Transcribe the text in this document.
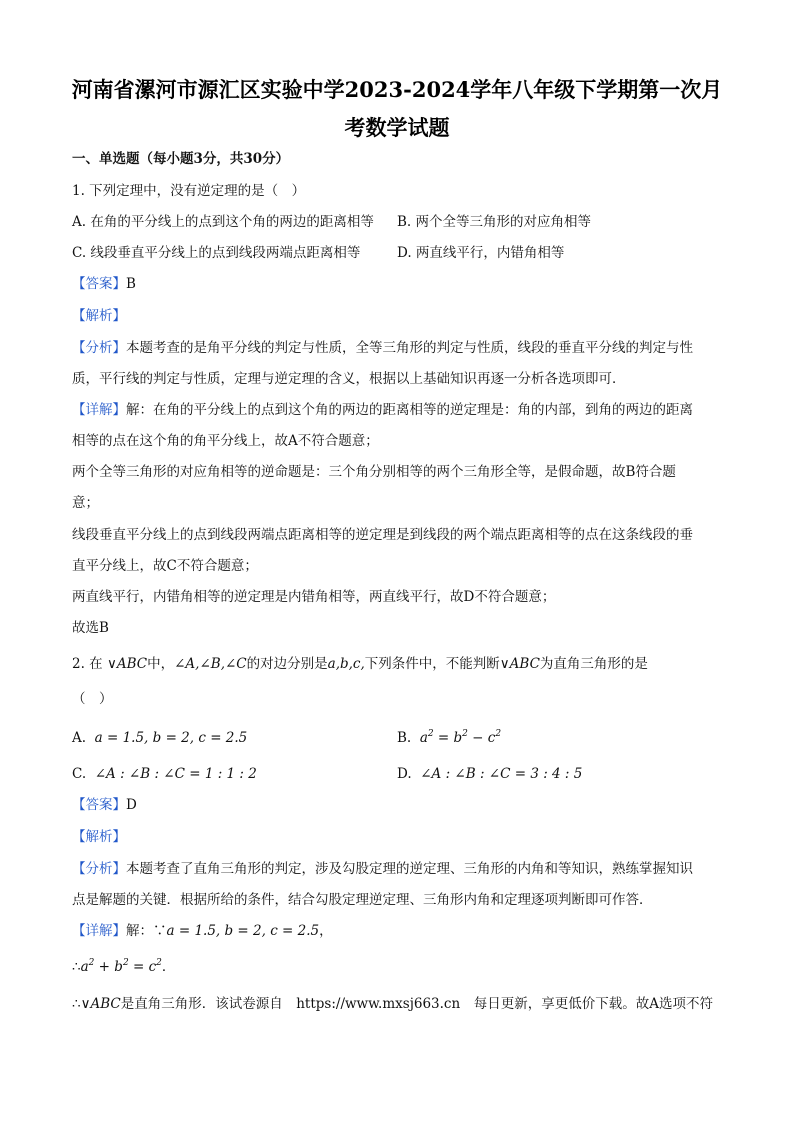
河南省漯河市源汇区实验中学2023-2024学年八年级下学期第一次月
考数学试题
一、单选题（每小题3分，共30分）
1. 下列定理中，没有逆定理的是（　）
A. 在角的平分线上的点到这个角的两边的距离相等 B. 两个全等三角形的对应角相等
C. 线段垂直平分线上的点到线段两端点距离相等	D. 两直线平行，内错角相等
【答案】B
【解析】
【分析】本题考查的是角平分线的判定与性质，全等三角形的判定与性质，线段的垂直平分线的判定与性
质，平行线的判定与性质，定理与逆定理的含义，根据以上基础知识再逐一分析各选项即可．
【详解】解：在角的平分线上的点到这个角的两边的距离相等的逆定理是：角的内部，到角的两边的距离
相等的点在这个角的角平分线上，故A不符合题意；
两个全等三角形的对应角相等的逆命题是：三个角分别相等的两个三角形全等，是假命题，故B符合题
意；
线段垂直平分线上的点到线段两端点距离相等的逆定理是到线段的两个端点距离相等的点在这条线段的垂
直平分线上，故C不符合题意；
两直线平行，内错角相等的逆定理是内错角相等，两直线平行，故D不符合题意；
故选B
2. 在 ∨ABC中，∠A,∠B,∠C的对边分别是a,b,c,下列条件中，不能判断∨ABC为直角三角形的是
（　）
A. a = 1.5, b = 2, c = 2.5	B. $a^2 = b^2 - c^2$
C. ∠A : ∠B : ∠C = 1 : 1 : 2	D. ∠A : ∠B : ∠C = 3 : 4 : 5
【答案】D
【解析】
【分析】本题考查了直角三角形的判定，涉及勾股定理的逆定理、三角形的内角和等知识，熟练掌握知识
点是解题的关键．根据所给的条件，结合勾股定理逆定理、三角形内角和定理逐项判断即可作答．
【详解】解：∵a = 1.5, b = 2, c = 2.5，
$\therefore a^2 + b^2 = c^2$．
∴∨ABC是直角三角形．该试卷源自　https://www.mxsj663.cn　每日更新，享更低价下载。故A选项不符
